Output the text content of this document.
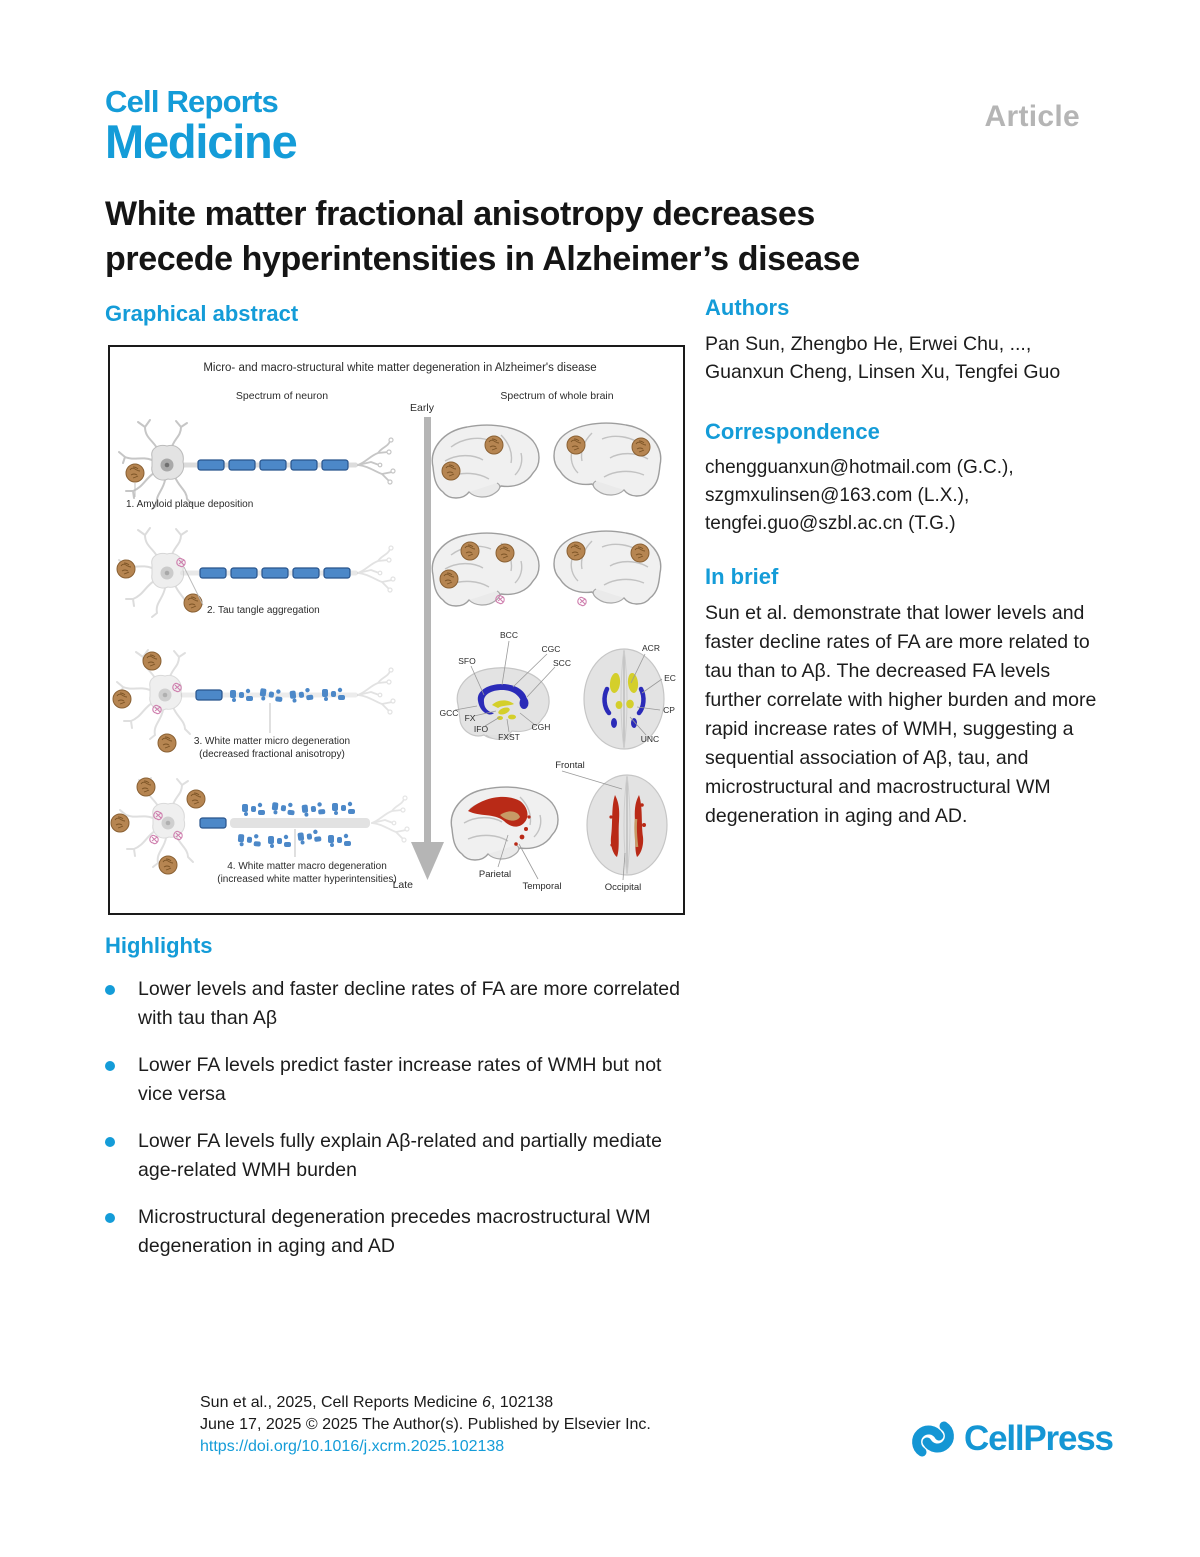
Cell Reports
Medicine	Article
White matter fractional anisotropy decreases
precede hyperintensities in Alzheimer’s disease
Graphical abstract
Micro- and macro-structural white matter degeneration in Alzheimer's disease
Spectrum of neuron	Spectrum of whole brain
Early
Late
1. Amyloid plaque deposition
2. Tau tangle aggregation
3. White matter micro degeneration
(decreased fractional anisotropy)
4. White matter macro degeneration
(increased white matter hyperintensities)
BCC
CGC
SCC
SFO
GCC FX
IFO
FXST
CGH
ACR
EC
CP
UNC
Frontal
Parietal
Temporal	Occipital
Highlights
Lower levels and faster decline rates of FA are more correlated with tau than Aβ
Lower FA levels predict faster increase rates of WMH but not vice versa
Lower FA levels fully explain Aβ-related and partially mediate age-related WMH burden
Microstructural degeneration precedes macrostructural WM degeneration in aging and AD
Authors
Pan Sun, Zhengbo He, Erwei Chu, ...,
Guanxun Cheng, Linsen Xu, Tengfei Guo
Correspondence
chengguanxun@hotmail.com (G.C.),
szgmxulinsen@163.com (L.X.),
tengfei.guo@szbl.ac.cn (T.G.)
In brief
Sun et al. demonstrate that lower levels and faster decline rates of FA are more related to tau than to Aβ. The decreased FA levels further correlate with higher burden and more rapid increase rates of WMH, suggesting a sequential association of Aβ, tau, and microstructural and macrostructural WM degeneration in aging and AD.
Sun et al., 2025, Cell Reports Medicine 6, 102138
June 17, 2025 © 2025 The Author(s). Published by Elsevier Inc.
https://doi.org/10.1016/j.xcrm.2025.102138	CellPress
